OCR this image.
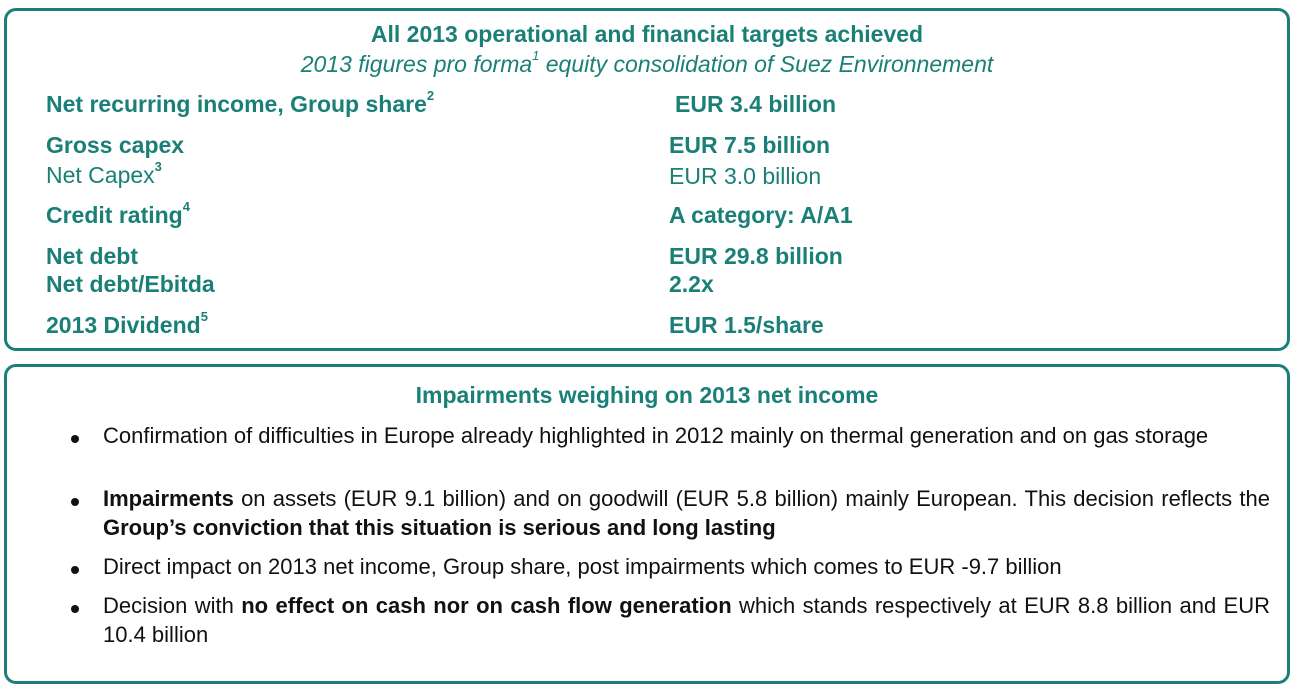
All 2013 operational and financial targets achieved
2013 figures pro forma$^1$ equity consolidation of Suez Environnement
Net recurring income, Group share$^2$	EUR 3.4 billion
Gross capex	EUR 7.5 billion
Net Capex$^3$	EUR 3.0 billion
Credit rating$^4$	A category: A/A1
Net debt	EUR 29.8 billion
Net debt/Ebitda	2.2x
2013 Dividend$^5$	EUR 1.5/share
Impairments weighing on 2013 net income
Confirmation of difficulties in Europe already highlighted in 2012 mainly on thermal generation and on gas storage
Impairments on assets (EUR 9.1 billion) and on goodwill (EUR 5.8 billion) mainly European. This decision reflects the Group’s conviction that this situation is serious and long lasting
Direct impact on 2013 net income, Group share, post impairments which comes to EUR -9.7 billion
Decision with no effect on cash nor on cash flow generation which stands respectively at EUR 8.8 billion and EUR 10.4 billion
